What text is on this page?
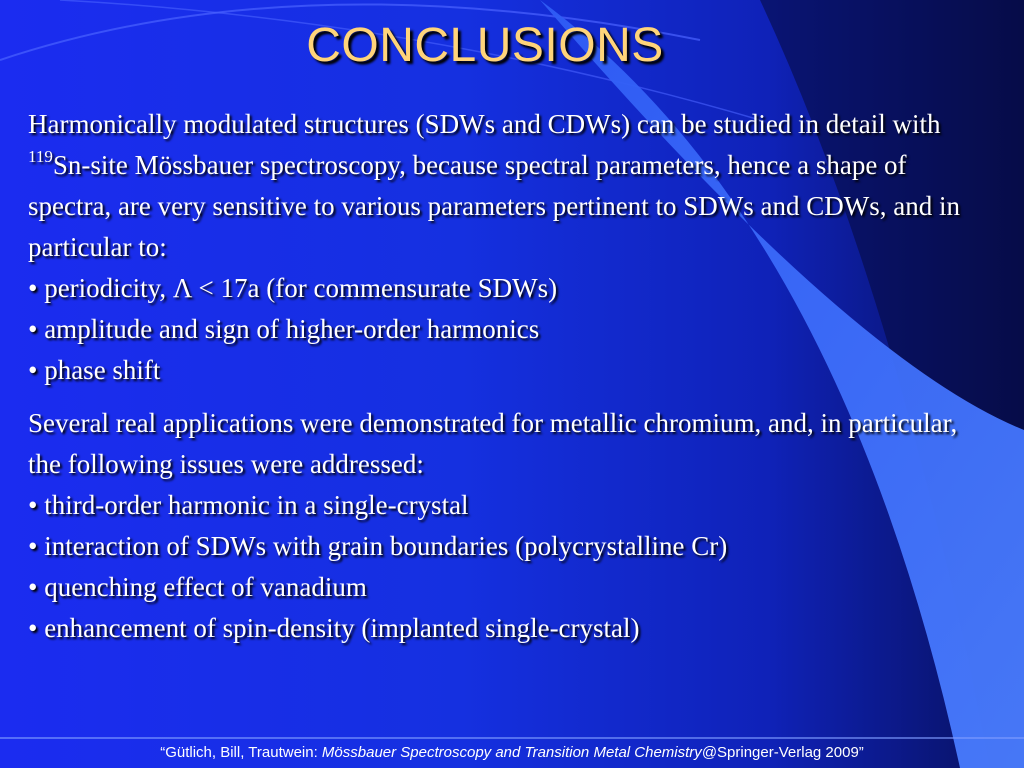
CONCLUSIONS

Harmonically modulated structures (SDWs and CDWs) can be studied in detail with $^{119}$Sn-site Mössbauer spectroscopy, because spectral parameters, hence a shape of spectra, are very sensitive to various parameters pertinent to SDWs and CDWs, and in particular to:

• periodicity, Λ < 17a (for commensurate SDWs)

• amplitude and sign of higher-order harmonics

• phase shift

Several real applications were demonstrated for metallic chromium, and, in particular, the following issues were addressed:

• third-order harmonic in a single-crystal

• interaction of SDWs with grain boundaries (polycrystalline Cr)

• quenching effect of vanadium

• enhancement of spin-density (implanted single-crystal)

“Gütlich, Bill, Trautwein: Mössbauer Spectroscopy and Transition Metal Chemistry@Springer-Verlag 2009”
